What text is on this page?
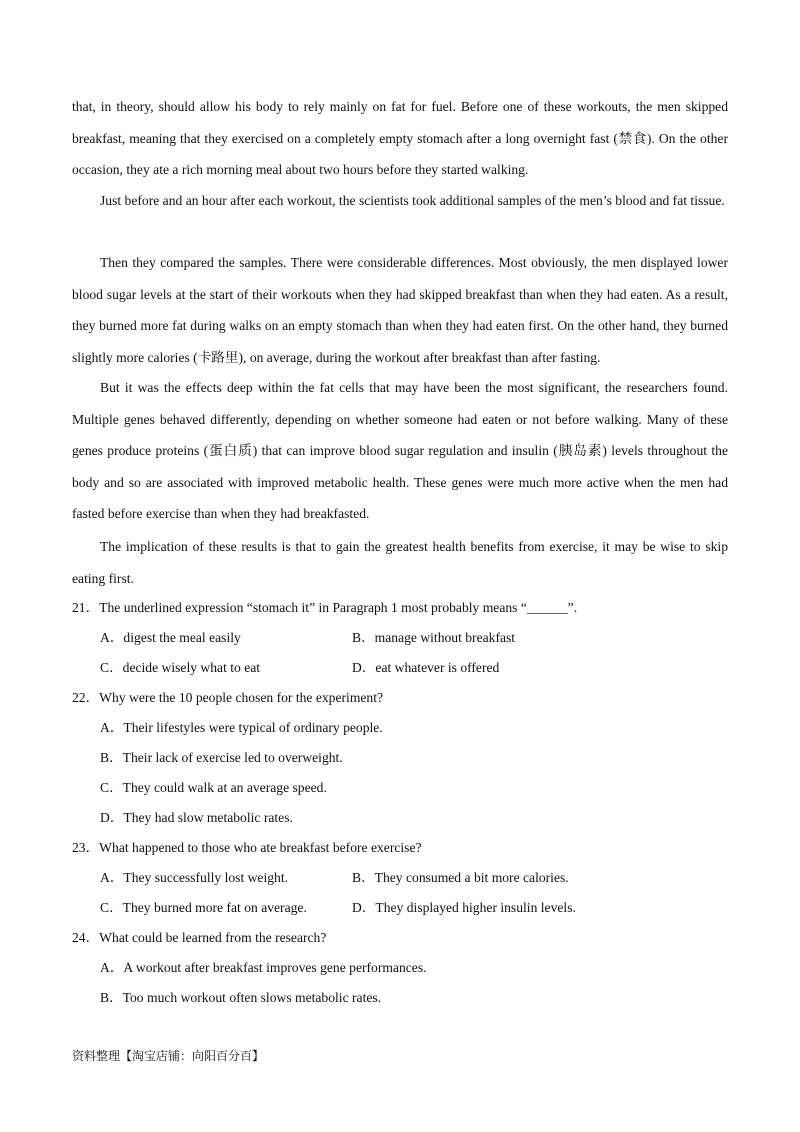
that, in theory, should allow his body to rely mainly on fat for fuel. Before one of these workouts, the men skipped breakfast, meaning that they exercised on a completely empty stomach after a long overnight fast (禁食). On the other occasion, they ate a rich morning meal about two hours before they started walking.

Just before and an hour after each workout, the scientists took additional samples of the men’s blood and fat tissue.

Then they compared the samples. There were considerable differences. Most obviously, the men displayed lower blood sugar levels at the start of their workouts when they had skipped breakfast than when they had eaten. As a result, they burned more fat during walks on an empty stomach than when they had eaten first. On the other hand, they burned slightly more calories (卡路里), on average, during the workout after breakfast than after fasting.

But it was the effects deep within the fat cells that may have been the most significant, the researchers found. Multiple genes behaved differently, depending on whether someone had eaten or not before walking. Many of these genes produce proteins (蛋白质) that can improve blood sugar regulation and insulin (胰岛素) levels throughout the body and so are associated with improved metabolic health. These genes were much more active when the men had fasted before exercise than when they had breakfasted.

The implication of these results is that to gain the greatest health benefits from exercise, it may be wise to skip eating first.

21．The underlined expression “stomach it” in Paragraph 1 most probably means “______”.
A．digest the meal easily	B．manage without breakfast
C．decide wisely what to eat	D．eat whatever is offered
22．Why were the 10 people chosen for the experiment?
A．Their lifestyles were typical of ordinary people.
B．Their lack of exercise led to overweight.
C．They could walk at an average speed.
D．They had slow metabolic rates.
23．What happened to those who ate breakfast before exercise?
A．They successfully lost weight.	B．They consumed a bit more calories.
C．They burned more fat on average.	D．They displayed higher insulin levels.
24．What could be learned from the research?
A．A workout after breakfast improves gene performances.
B．Too much workout often slows metabolic rates.
资料整理【淘宝店铺：向阳百分百】
